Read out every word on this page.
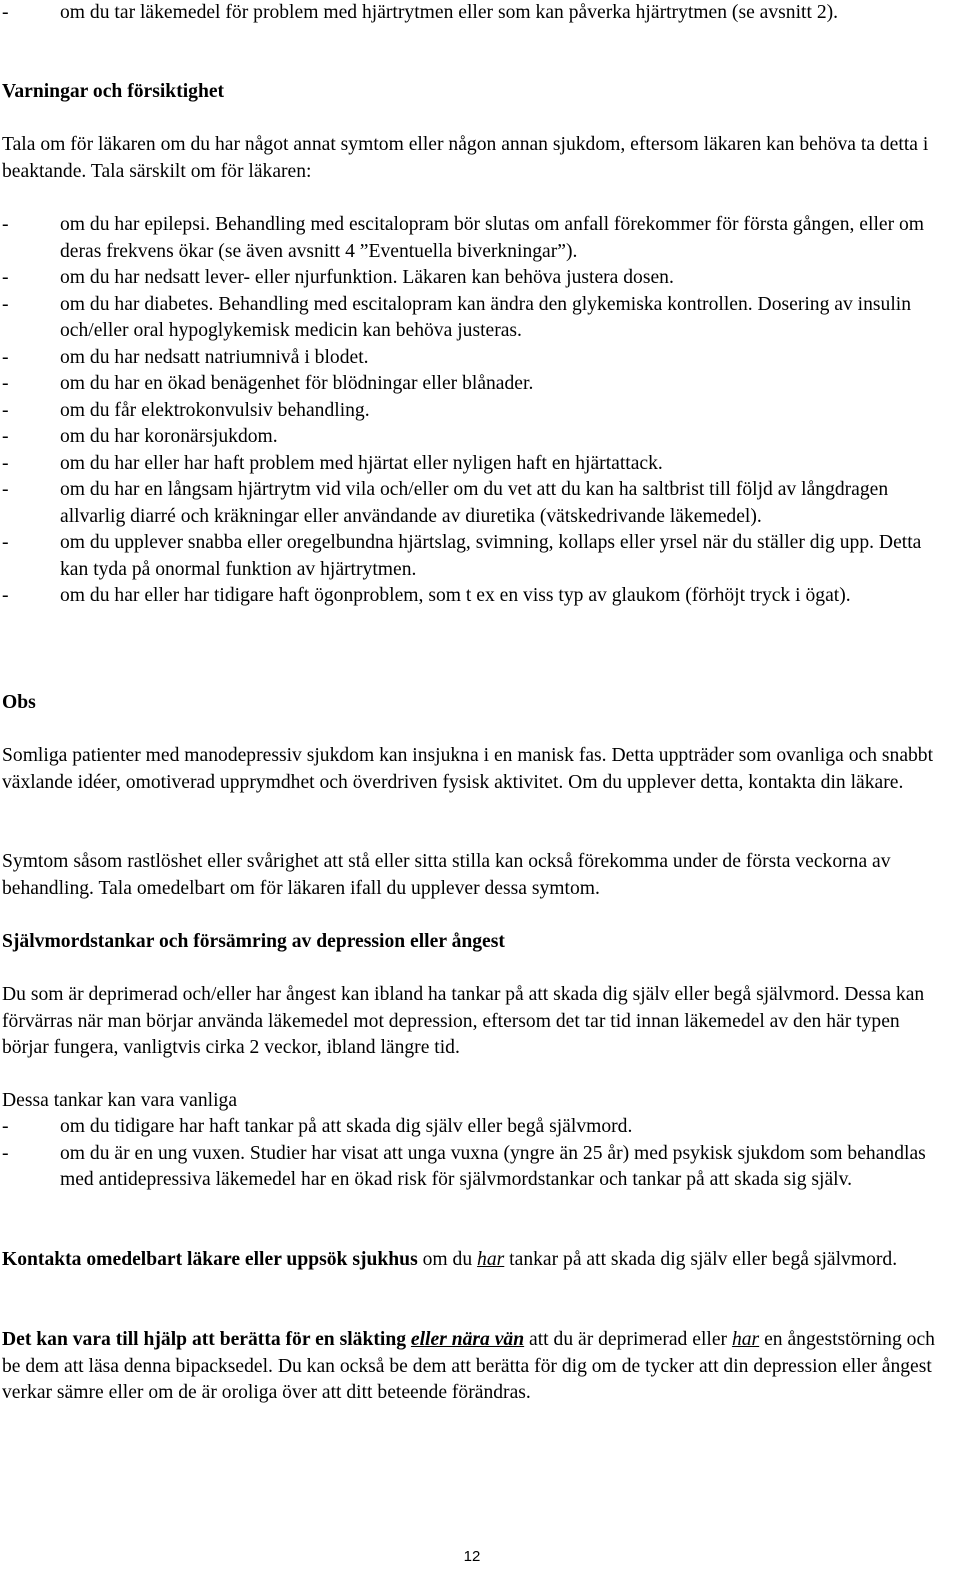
-	om du tar läkemedel för problem med hjärtrytmen eller som kan påverka hjärtrytmen (se avsnitt 2).

Varningar och försiktighet

Tala om för läkaren om du har något annat symtom eller någon annan sjukdom, eftersom läkaren kan behöva ta detta i beaktande. Tala särskilt om för läkaren:

-	om du har epilepsi. Behandling med escitalopram bör slutas om anfall förekommer för första gången, eller om deras frekvens ökar (se även avsnitt 4 ”Eventuella biverkningar”).
-	om du har nedsatt lever- eller njurfunktion. Läkaren kan behöva justera dosen.
-	om du har diabetes. Behandling med escitalopram kan ändra den glykemiska kontrollen. Dosering av insulin och/eller oral hypoglykemisk medicin kan behöva justeras.
-	om du har nedsatt natriumnivå i blodet.
-	om du har en ökad benägenhet för blödningar eller blånader.
-	om du får elektrokonvulsiv behandling.
-	om du har koronärsjukdom.
-	om du har eller har haft problem med hjärtat eller nyligen haft en hjärtattack.
-	om du har en långsam hjärtrytm vid vila och/eller om du vet att du kan ha saltbrist till följd av långdragen allvarlig diarré och kräkningar eller användande av diuretika (vätskedrivande läkemedel).
-	om du upplever snabba eller oregelbundna hjärtslag, svimning, kollaps eller yrsel när du ställer dig upp. Detta kan tyda på onormal funktion av hjärtrytmen.
-	om du har eller har tidigare haft ögonproblem, som t ex en viss typ av glaukom (förhöjt tryck i ögat).

Obs

Somliga patienter med manodepressiv sjukdom kan insjukna i en manisk fas. Detta uppträder som ovanliga och snabbt växlande idéer, omotiverad upprymdhet och överdriven fysisk aktivitet. Om du upplever detta, kontakta din läkare.

Symtom såsom rastlöshet eller svårighet att stå eller sitta stilla kan också förekomma under de första veckorna av behandling. Tala omedelbart om för läkaren ifall du upplever dessa symtom.

Självmordstankar och försämring av depression eller ångest

Du som är deprimerad och/eller har ångest kan ibland ha tankar på att skada dig själv eller begå självmord. Dessa kan förvärras när man börjar använda läkemedel mot depression, eftersom det tar tid innan läkemedel av den här typen börjar fungera, vanligtvis cirka 2 veckor, ibland längre tid.

Dessa tankar kan vara vanliga

-	om du tidigare har haft tankar på att skada dig själv eller begå självmord.
-	om du är en ung vuxen. Studier har visat att unga vuxna (yngre än 25 år) med psykisk sjukdom som behandlas med antidepressiva läkemedel har en ökad risk för självmordstankar och tankar på att skada sig själv.

Kontakta omedelbart läkare eller uppsök sjukhus om du har tankar på att skada dig själv eller begå självmord.

Det kan vara till hjälp att berätta för en släkting eller nära vän att du är deprimerad eller har en ångeststörning och be dem att läsa denna bipacksedel. Du kan också be dem att berätta för dig om de tycker att din depression eller ångest verkar sämre eller om de är oroliga över att ditt beteende förändras.

12
